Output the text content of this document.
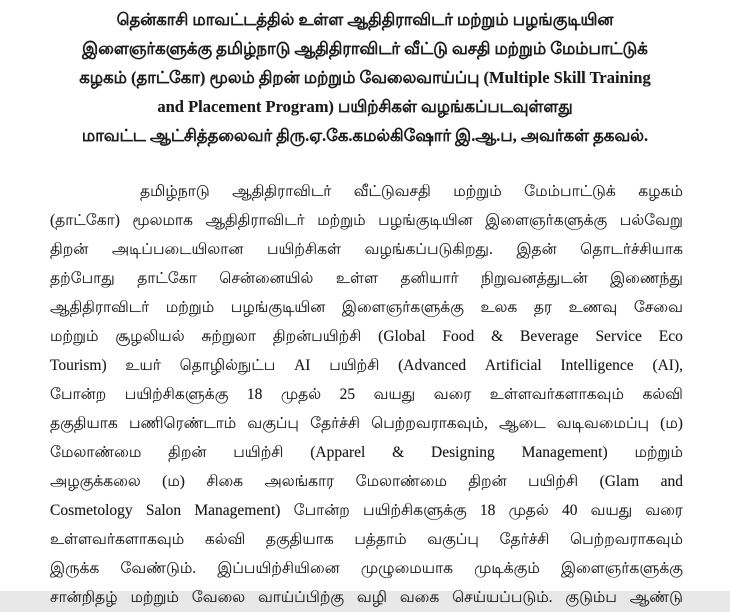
தென்காசி மாவட்டத்தில் உள்ள ஆதிதிராவிடர் மற்றும் பழங்குடியின
இளைஞர்களுக்கு தமிழ்நாடு ஆதிதிராவிடர் வீட்டு வசதி மற்றும் மேம்பாட்டுக்
கழகம் (தாட்கோ) மூலம் திறன் மற்றும் வேலைவாய்ப்பு (Multiple Skill Training
and Placement Program) பயிற்சிகள் வழங்கப்படவுள்ளது
மாவட்ட ஆட்சித்தலைவர் திரு.ஏ.கே.கமல்கிஷோர் இ.ஆ.ப, அவர்கள் தகவல்.
தமிழ்நாடு ஆதிதிராவிடர் வீட்டுவசதி மற்றும் மேம்பாட்டுக் கழகம்
(தாட்கோ) மூலமாக ஆதிதிராவிடர் மற்றும் பழங்குடியின இளைஞர்களுக்கு பல்வேறு
திறன் அடிப்படையிலான பயிற்சிகள் வழங்கப்படுகிறது. இதன் தொடர்ச்சியாக
தற்போது தாட்கோ சென்னையில் உள்ள தனியார் நிறுவனத்துடன் இணைந்து
ஆதிதிராவிடர் மற்றும் பழங்குடியின இளைஞர்களுக்கு உலக தர உணவு சேவை
மற்றும் சூழலியல் சுற்றுலா திறன்பயிற்சி (Global Food & Beverage Service Eco
Tourism) உயர் தொழில்நுட்ப AI பயிற்சி (Advanced Artificial Intelligence (AI),
போன்ற பயிற்சிகளுக்கு 18 முதல் 25 வயது வரை உள்ளவர்களாகவும் கல்வி
தகுதியாக பணிரெண்டாம் வகுப்பு தேர்ச்சி பெற்றவராகவும், ஆடை வடிவமைப்பு (ம)
மேலாண்மை திறன் பயிற்சி (Apparel & Designing Management) மற்றும்
அழகுக்கலை (ம) சிகை அலங்கார மேலாண்மை திறன் பயிற்சி (Glam and
Cosmetology Salon Management) போன்ற பயிற்சிகளுக்கு 18 முதல் 40 வயது வரை
உள்ளவர்களாகவும் கல்வி தகுதியாக பத்தாம் வகுப்பு தேர்ச்சி பெற்றவராகவும்
இருக்க வேண்டும். இப்பயிற்சியினை முழுமையாக முடிக்கும் இளைஞர்களுக்கு
சான்றிதழ் மற்றும் வேலை வாய்ப்பிற்கு வழி வகை செய்யப்படும். குடும்ப ஆண்டு
